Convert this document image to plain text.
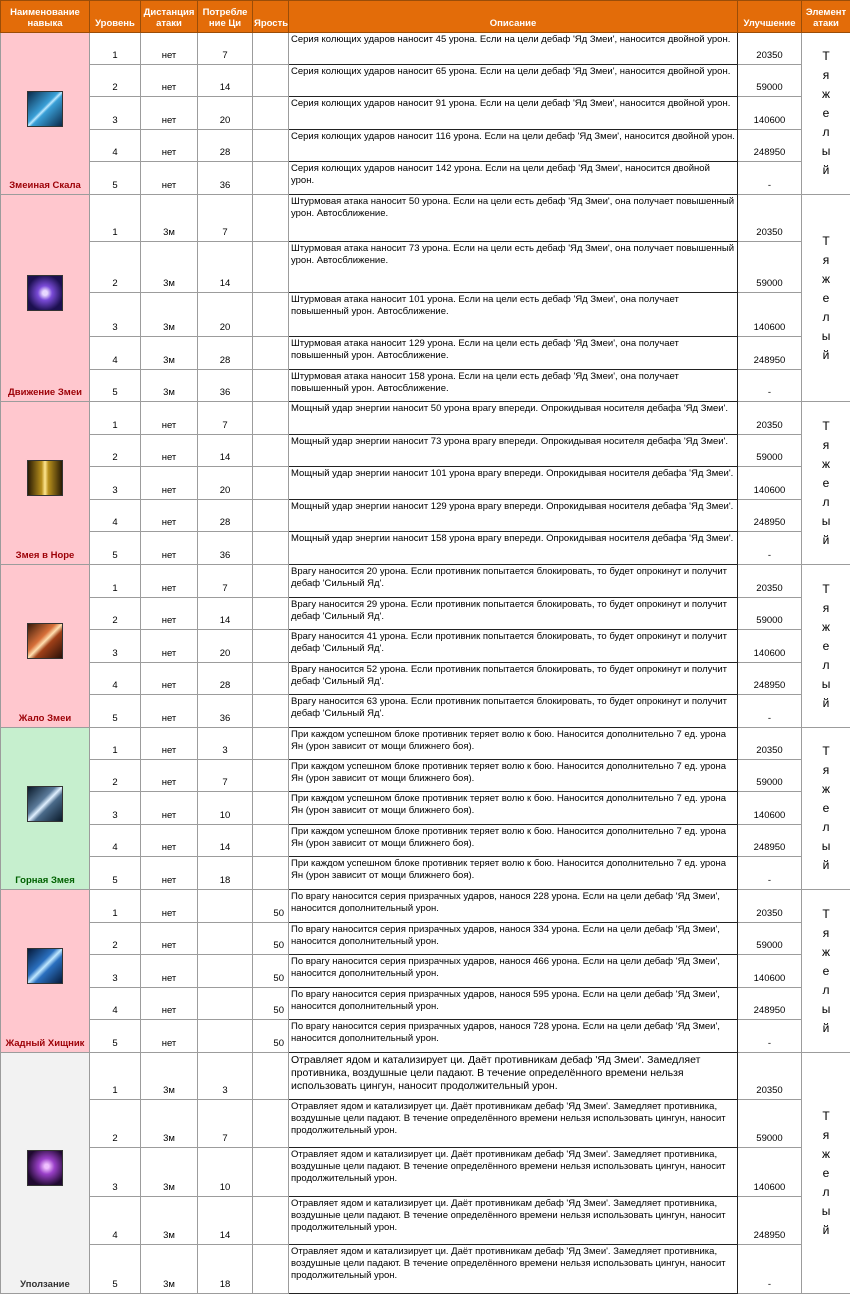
Наименование навыка	Уровень	Дистанция атаки	Потребле ние Ци	Ярость	Описание	Улучшение	Элемент атаки

Змеиная Скала	1	нет	7		Серия колющих ударов наносит 45 урона. Если на цели дебаф 'Яд Змеи', наносится двойной урон.	20350	Тяжелый
	2	нет	14		Серия колющих ударов наносит 65 урона. Если на цели дебаф 'Яд Змеи', наносится двойной урон.	59000	
	3	нет	20		Серия колющих ударов наносит 91 урона. Если на цели дебаф 'Яд Змеи', наносится двойной урон.	140600	
	4	нет	28		Серия колющих ударов наносит 116 урона. Если на цели дебаф 'Яд Змеи', наносится двойной урон.	248950	
	5	нет	36		Серия колющих ударов наносит 142 урона. Если на цели дебаф 'Яд Змеи', наносится двойной урон.	-	

Движение Змеи	1	3м	7		Штурмовая атака наносит 50 урона. Если на цели есть дебаф 'Яд Змеи', она получает повышенный урон. Автосближение.	20350	Тяжелый
	2	3м	14		Штурмовая атака наносит 73 урона. Если на цели есть дебаф 'Яд Змеи', она получает повышенный урон. Автосближение.	59000	
	3	3м	20		Штурмовая атака наносит 101 урона. Если на цели есть дебаф 'Яд Змеи', она получает повышенный урон. Автосближение.	140600	
	4	3м	28		Штурмовая атака наносит 129 урона. Если на цели есть дебаф 'Яд Змеи', она получает повышенный урон. Автосближение.	248950	
	5	3м	36		Штурмовая атака наносит 158 урона. Если на цели есть дебаф 'Яд Змеи', она получает повышенный урон. Автосближение.	-	

Змея в Норе	1	нет	7		Мощный удар энергии наносит 50 урона врагу впереди. Опрокидывая носителя дебафа 'Яд Змеи'.	20350	Тяжелый
	2	нет	14		Мощный удар энергии наносит 73 урона врагу впереди. Опрокидывая носителя дебафа 'Яд Змеи'.	59000	
	3	нет	20		Мощный удар энергии наносит 101 урона врагу впереди. Опрокидывая носителя дебафа 'Яд Змеи'.	140600	
	4	нет	28		Мощный удар энергии наносит 129 урона врагу впереди. Опрокидывая носителя дебафа 'Яд Змеи'.	248950	
	5	нет	36		Мощный удар энергии наносит 158 урона врагу впереди. Опрокидывая носителя дебафа 'Яд Змеи'.	-	

Жало Змеи	1	нет	7		Врагу наносится 20 урона. Если противник попытается блокировать, то будет опрокинут и получит дебаф 'Сильный Яд'.	20350	Тяжелый
	2	нет	14		Врагу наносится 29 урона. Если противник попытается блокировать, то будет опрокинут и получит дебаф 'Сильный Яд'.	59000	
	3	нет	20		Врагу наносится 41 урона. Если противник попытается блокировать, то будет опрокинут и получит дебаф 'Сильный Яд'.	140600	
	4	нет	28		Врагу наносится 52 урона. Если противник попытается блокировать, то будет опрокинут и получит дебаф 'Сильный Яд'.	248950	
	5	нет	36		Врагу наносится 63 урона. Если противник попытается блокировать, то будет опрокинут и получит дебаф 'Сильный Яд'.	-	

Горная Змея	1	нет	3		При каждом успешном блоке противник теряет волю к бою. Наносится дополнительно 7 ед. урона Ян (урон зависит от мощи ближнего боя).	20350	Тяжелый
	2	нет	7		При каждом успешном блоке противник теряет волю к бою. Наносится дополнительно 7 ед. урона Ян (урон зависит от мощи ближнего боя).	59000	
	3	нет	10		При каждом успешном блоке противник теряет волю к бою. Наносится дополнительно 7 ед. урона Ян (урон зависит от мощи ближнего боя).	140600	
	4	нет	14		При каждом успешном блоке противник теряет волю к бою. Наносится дополнительно 7 ед. урона Ян (урон зависит от мощи ближнего боя).	248950	
	5	нет	18		При каждом успешном блоке противник теряет волю к бою. Наносится дополнительно 7 ед. урона Ян (урон зависит от мощи ближнего боя).	-	

Жадный Хищник	1	нет		50	По врагу наносится серия призрачных ударов, нанося 228 урона. Если на цели дебаф 'Яд Змеи', наносится дополнительный урон.	20350	Тяжелый
	2	нет		50	По врагу наносится серия призрачных ударов, нанося 334 урона. Если на цели дебаф 'Яд Змеи', наносится дополнительный урон.	59000	
	3	нет		50	По врагу наносится серия призрачных ударов, нанося 466 урона. Если на цели дебаф 'Яд Змеи', наносится дополнительный урон.	140600	
	4	нет		50	По врагу наносится серия призрачных ударов, нанося 595 урона. Если на цели дебаф 'Яд Змеи', наносится дополнительный урон.	248950	
	5	нет		50	По врагу наносится серия призрачных ударов, нанося 728 урона. Если на цели дебаф 'Яд Змеи', наносится дополнительный урон.	-	

Уползание	1	3м	3		Отравляет ядом и катализирует ци. Даёт противникам дебаф 'Яд Змеи'. Замедляет противника, воздушные цели падают. В течение определённого времени нельзя использовать цингун, наносит продолжительный урон.	20350	Тяжелый
	2	3м	7		Отравляет ядом и катализирует ци. Даёт противникам дебаф 'Яд Змеи'. Замедляет противника, воздушные цели падают. В течение определённого времени нельзя использовать цингун, наносит продолжительный урон.	59000	
	3	3м	10		Отравляет ядом и катализирует ци. Даёт противникам дебаф 'Яд Змеи'. Замедляет противника, воздушные цели падают. В течение определённого времени нельзя использовать цингун, наносит продолжительный урон.	140600	
	4	3м	14		Отравляет ядом и катализирует ци. Даёт противникам дебаф 'Яд Змеи'. Замедляет противника, воздушные цели падают. В течение определённого времени нельзя использовать цингун, наносит продолжительный урон.	248950	
	5	3м	18		Отравляет ядом и катализирует ци. Даёт противникам дебаф 'Яд Змеи'. Замедляет противника, воздушные цели падают. В течение определённого времени нельзя использовать цингун, наносит продолжительный урон.	-	
